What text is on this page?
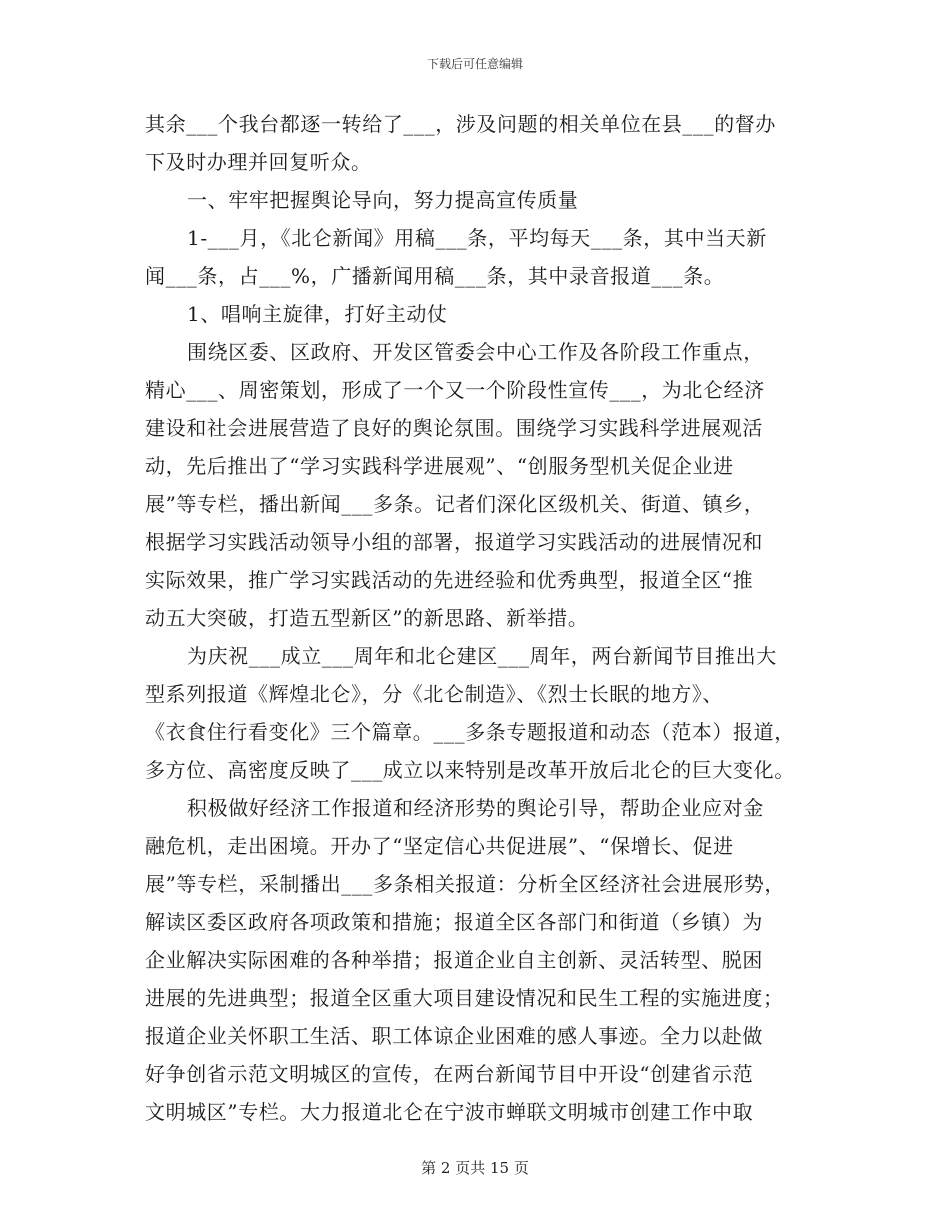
下载后可任意编辑
其余___个我台都逐一转给了___，涉及问题的相关单位在县___的督办
下及时办理并回复听众。
一、牢牢把握舆论导向，努力提高宣传质量
1-___月，《北仑新闻》用稿___条，平均每天___条，其中当天新
闻___条，占___%，广播新闻用稿___条，其中录音报道___条。
1、唱响主旋律，打好主动仗
围绕区委、区政府、开发区管委会中心工作及各阶段工作重点，
精心___、周密策划，形成了一个又一个阶段性宣传___，为北仑经济
建设和社会进展营造了良好的舆论氛围。围绕学习实践科学进展观活
动，先后推出了“学习实践科学进展观”、“创服务型机关促企业进
展”等专栏，播出新闻___多条。记者们深化区级机关、街道、镇乡，
根据学习实践活动领导小组的部署，报道学习实践活动的进展情况和
实际效果，推广学习实践活动的先进经验和优秀典型，报道全区“推
动五大突破，打造五型新区”的新思路、新举措。
为庆祝___成立___周年和北仑建区___周年，两台新闻节目推出大
型系列报道《辉煌北仑》，分《北仑制造》、《烈士长眠的地方》、
《衣食住行看变化》三个篇章。___多条专题报道和动态（范本）报道，
多方位、高密度反映了___成立以来特别是改革开放后北仑的巨大变化。
积极做好经济工作报道和经济形势的舆论引导，帮助企业应对金
融危机，走出困境。开办了“坚定信心共促进展”、“保增长、促进
展”等专栏，采制播出___多条相关报道：分析全区经济社会进展形势，
解读区委区政府各项政策和措施；报道全区各部门和街道（乡镇）为
企业解决实际困难的各种举措；报道企业自主创新、灵活转型、脱困
进展的先进典型；报道全区重大项目建设情况和民生工程的实施进度；
报道企业关怀职工生活、职工体谅企业困难的感人事迹。全力以赴做
好争创省示范文明城区的宣传，在两台新闻节目中开设“创建省示范
文明城区”专栏。大力报道北仑在宁波市蝉联文明城市创建工作中取
第 2 页共 15 页
